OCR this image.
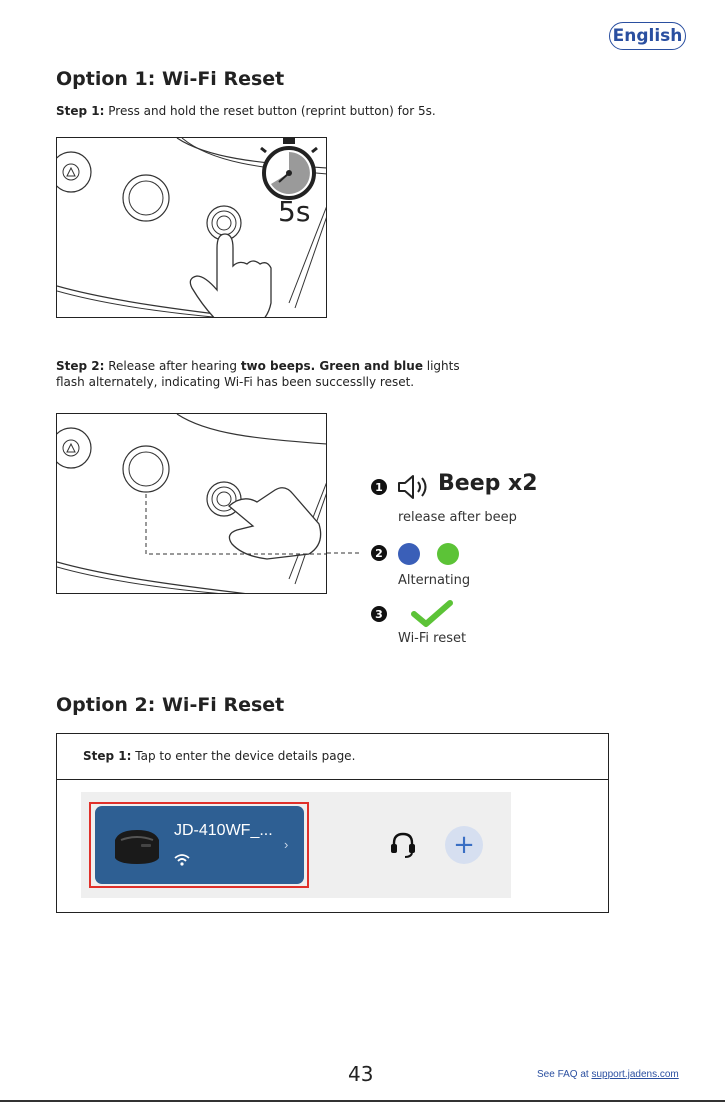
English
Option 1: Wi-Fi Reset
Step 1: Press and hold the reset button (reprint button) for 5s.
5s
Step 2: Release after hearing two beeps. Green and blue lights
flash alternately, indicating Wi-Fi has been successlly reset.
1	Beep x2
release after beep
2
Alternating
3
Wi-Fi reset
Option 2: Wi-Fi Reset
Step 1: Tap to enter the device details page.
JD-410WF_...
›	+
43	See FAQ at support.jadens.com
